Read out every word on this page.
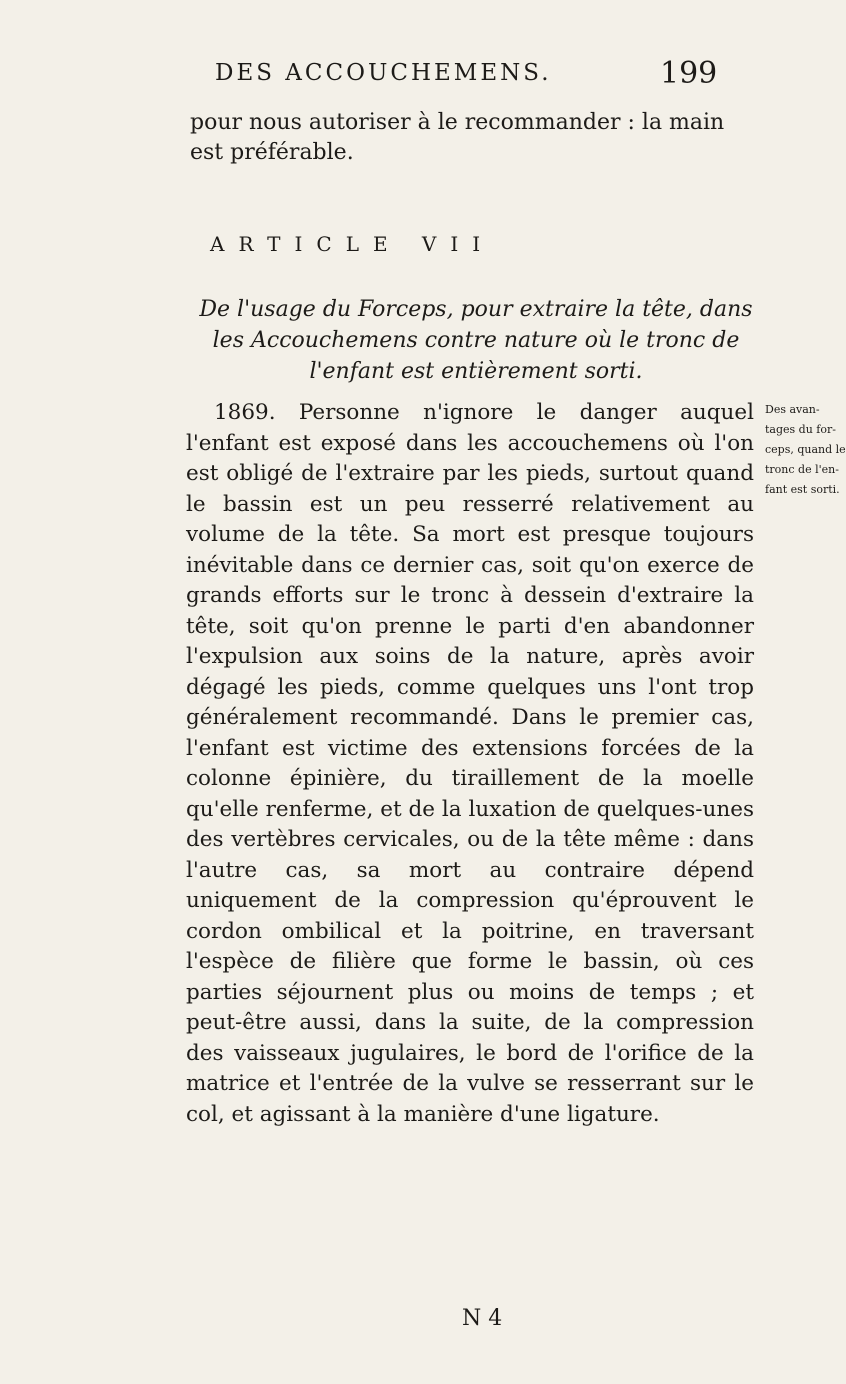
DES ACCOUCHEMENS.	199
pour nous autoriser à le recommander : la main est préférable.
ARTICLE VII
De l'usage du Forceps, pour extraire la tête, dans les Accouchemens contre nature où le tronc de l'enfant est entièrement sorti.

1869. Personne n'ignore le danger auquel l'enfant est exposé dans les accouchemens où l'on est obligé de l'extraire par les pieds, surtout quand le bassin est un peu resserré relativement au volume de la tête. Sa mort est presque toujours inévitable dans ce dernier cas, soit qu'on exerce de grands efforts sur le tronc à dessein d'extraire la tête, soit qu'on prenne le parti d'en abandonner l'expulsion aux soins de la nature, après avoir dégagé les pieds, comme quelques uns l'ont trop généralement recommandé. Dans le premier cas, l'enfant est victime des extensions forcées de la colonne épinière, du tiraillement de la moelle qu'elle renferme, et de la luxation de quelques-unes des vertèbres cervicales, ou de la tête même : dans l'autre cas, sa mort au contraire dépend uniquement de la compression qu'éprouvent le cordon ombilical et la poitrine, en traversant l'espèce de filière que forme le bassin, où ces parties séjournent plus ou moins de temps ; et peut-être aussi, dans la suite, de la compression des vaisseaux jugulaires, le bord de l'orifice de la matrice et l'entrée de la vulve se resserrant sur le col, et agissant à la manière d'une ligature.

Des avan-
tages du for-
ceps, quand le
tronc de l'en-
fant est sorti.
N 4
